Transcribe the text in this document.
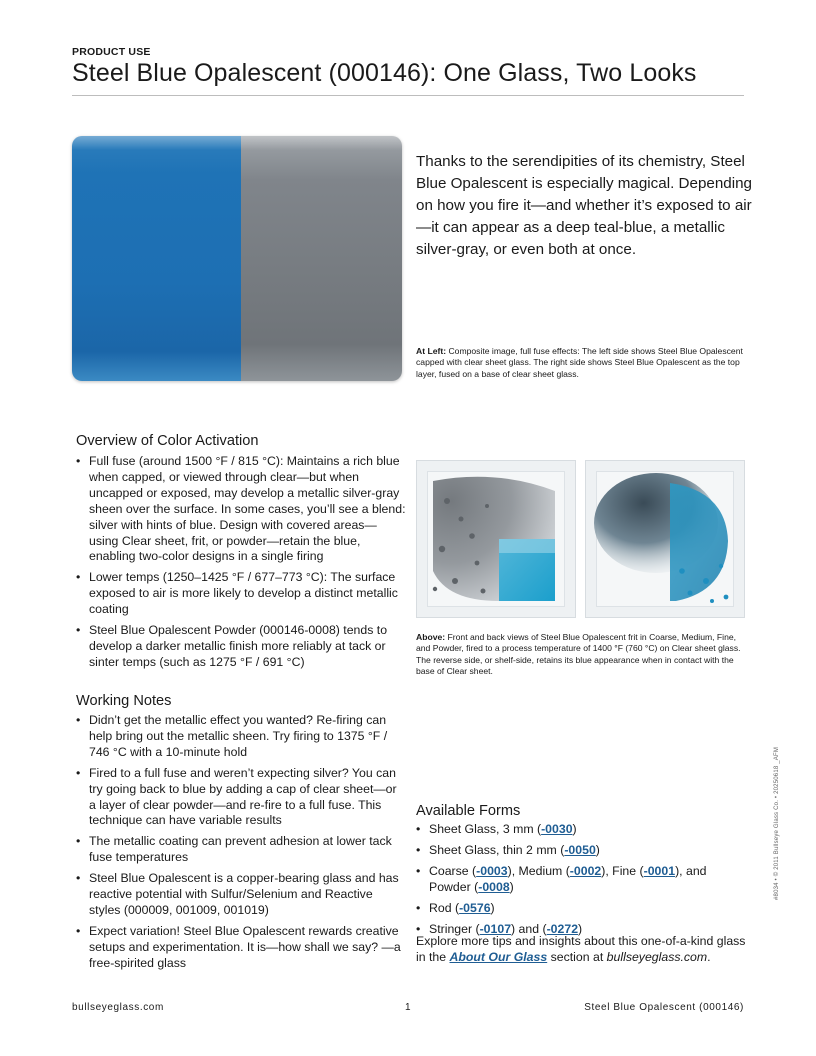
PRODUCT USE
Steel Blue Opalescent (000146): One Glass, Two Looks

Thanks to the serendipities of its chemistry, Steel Blue Opalescent is especially magical. Depending on how you fire it—and whether it’s exposed to air—it can appear as a deep teal-blue, a metallic silver-gray, or even both at once.

At Left: Composite image, full fuse effects: The left side shows Steel Blue Opalescent capped with clear sheet glass. The right side shows Steel Blue Opalescent as the top layer, fused on a base of clear sheet glass.

Above: Front and back views of Steel Blue Opalescent frit in Coarse, Medium, Fine, and Powder, fired to a process temperature of 1400 °F (760 °C) on Clear sheet glass. The reverse side, or shelf-side, retains its blue appearance when in contact with the base of Clear sheet.

Overview of Color Activation
• Full fuse (around 1500 °F / 815 °C): Maintains a rich blue when capped, or viewed through clear—but when uncapped or exposed, may develop a metallic silver-gray sheen over the surface. In some cases, you’ll see a blend: silver with hints of blue. Design with covered areas—using Clear sheet, frit, or powder—retain the blue, enabling two-color designs in a single firing
• Lower temps (1250–1425 °F / 677–773 °C): The surface exposed to air is more likely to develop a distinct metallic coating
• Steel Blue Opalescent Powder (000146-0008) tends to develop a darker metallic finish more reliably at tack or sinter temps (such as 1275 °F / 691 °C)
Working Notes
• Didn’t get the metallic effect you wanted? Re-firing can help bring out the metallic sheen. Try firing to 1375 °F / 746 °C with a 10-minute hold
• Fired to a full fuse and weren’t expecting silver? You can try going back to blue by adding a cap of clear sheet—or a layer of clear powder—and re-fire to a full fuse. This technique can have variable results
• The metallic coating can prevent adhesion at lower tack fuse temperatures
• Steel Blue Opalescent is a copper-bearing glass and has reactive potential with Sulfur/Selenium and Reactive styles (000009, 001009, 001019)
• Expect variation! Steel Blue Opalescent rewards creative setups and experimentation. It is—how shall we say? —a free-spirited glass
Available Forms
• Sheet Glass, 3 mm (-0030)
• Sheet Glass, thin 2 mm (-0050)
• Coarse (-0003), Medium (-0002), Fine (-0001), and Powder (-0008)
• Rod (-0576)
• Stringer (-0107) and (-0272)

Explore more tips and insights about this one-of-a-kind glass in the About Our Glass section at bullseyeglass.com.

#8034 • © 2011 Bullseye Glass Co. • 20250618 _AFM
bullseyeglass.com	1	Steel Blue Opalescent (000146)
